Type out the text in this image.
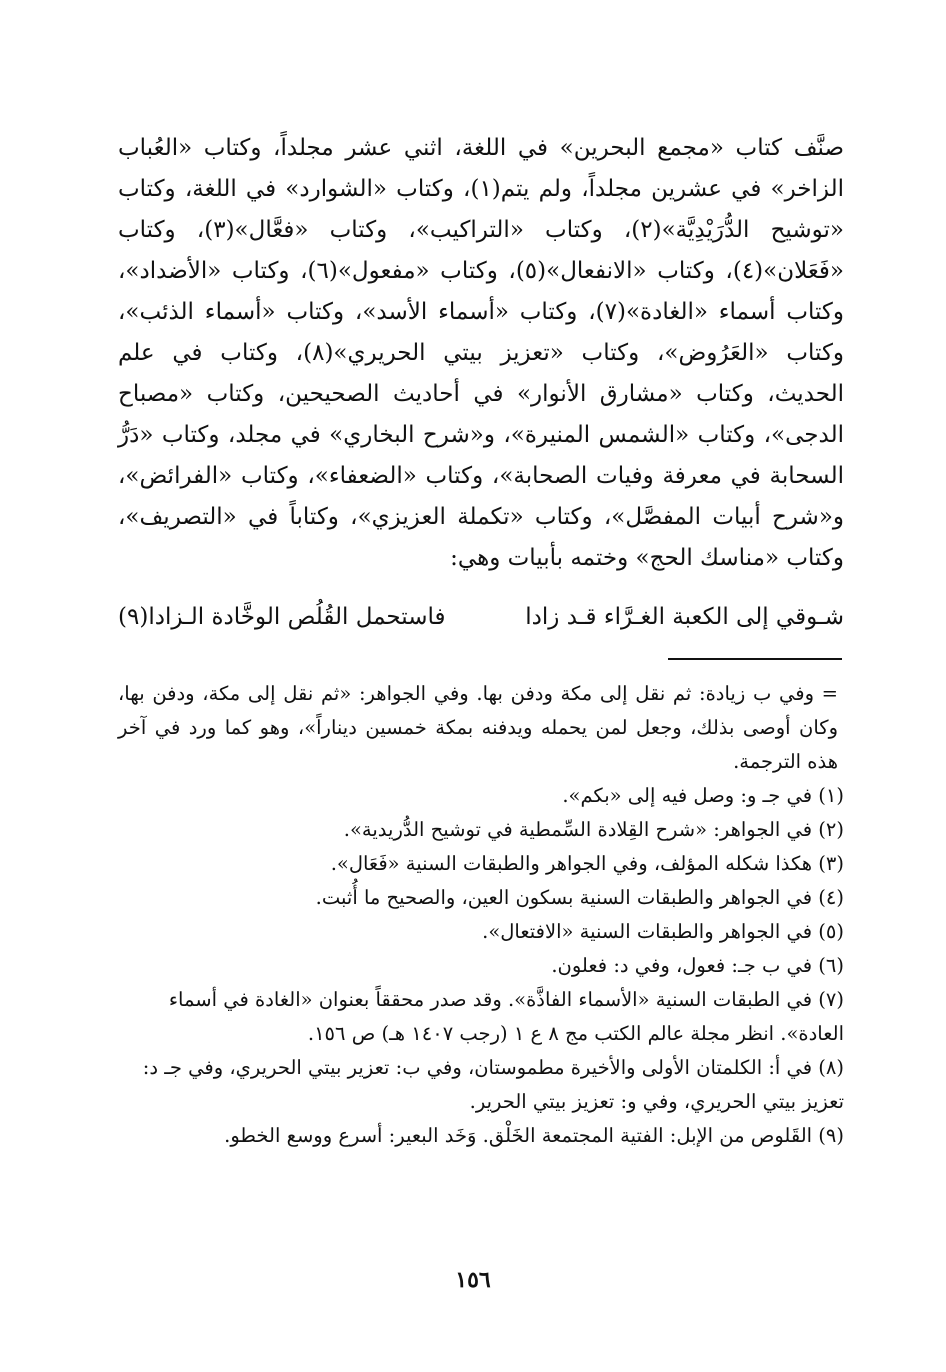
صنَّف كتاب «مجمع البحرين» في اللغة، اثني عشر مجلداً، وكتاب «العُباب الزاخر» في عشرين مجلداً، ولم يتم(١)، وكتاب «الشوارد» في اللغة، وكتاب «توشيح الدُّرَيْدِيَّة»(٢)، وكتاب «التراكيب»، وكتاب «فعَّال»(٣)، وكتاب «فَعَلان»(٤)، وكتاب «الانفعال»(٥)، وكتاب «مفعول»(٦)، وكتاب «الأضداد»، وكتاب أسماء «الغادة»(٧)، وكتاب «أسماء الأسد»، وكتاب «أسماء الذئب»، وكتاب «العَرُوض»، وكتاب «تعزيز بيتي الحريري»(٨)، وكتاب في علم الحديث، وكتاب «مشارق الأنوار» في أحاديث الصحيحين، وكتاب «مصباح الدجى»، وكتاب «الشمس المنيرة»، و«شرح البخاري» في مجلد، وكتاب «دَرُّ السحابة في معرفة وفيات الصحابة»، وكتاب «الضعفاء»، وكتاب «الفرائض»، و«شرح أبيات المفصَّل»، وكتاب «تكملة العزيزي»، وكتاباً في «التصريف»، وكتاب «مناسك الحج» وختمه بأبيات وهي:

شـوقي إلى الكعبة الغـرَّاء قـد زادا
فاستحمل القُلُص الوخَّادة الـزادا(٩)
= وفي ب زيادة: ثم نقل إلى مكة ودفن بها. وفي الجواهر: «ثم نقل إلى مكة، ودفن بها، وكان أوصى بذلك، وجعل لمن يحمله ويدفنه بمكة خمسين ديناراً»، وهو كما ورد في آخر هذه الترجمة.
(١) في جـ و: وصل فيه إلى «بكم».
(٢) في الجواهر: «شرح القِلادة السِّمطية في توشيح الدُّريدية».
(٣) هكذا شكله المؤلف، وفي الجواهر والطبقات السنية «فَعَال».
(٤) في الجواهر والطبقات السنية بسكون العين، والصحيح ما أُثبت.
(٥) في الجواهر والطبقات السنية «الافتعال».
(٦) في ب جـ: فعول، وفي د: فعلون.
(٧) في الطبقات السنية «الأسماء الفاذَّة». وقد صدر محققاً بعنوان «الغادة في أسماء العادة». انظر مجلة عالم الكتب مج ٨ ع ١ (رجب ١٤٠٧ هـ) ص ١٥٦.
(٨) في أ: الكلمتان الأولى والأخيرة مطموستان، وفي ب: تعزير بيتي الحريري، وفي جـ د: تعزيز بيتي الحريري، وفي و: تعزيز بيتي الحرير.
(٩) القَلوص من الإبل: الفتية المجتمعة الخَلْق. وَخَد البعير: أسرع ووسع الخطو.
١٥٦
